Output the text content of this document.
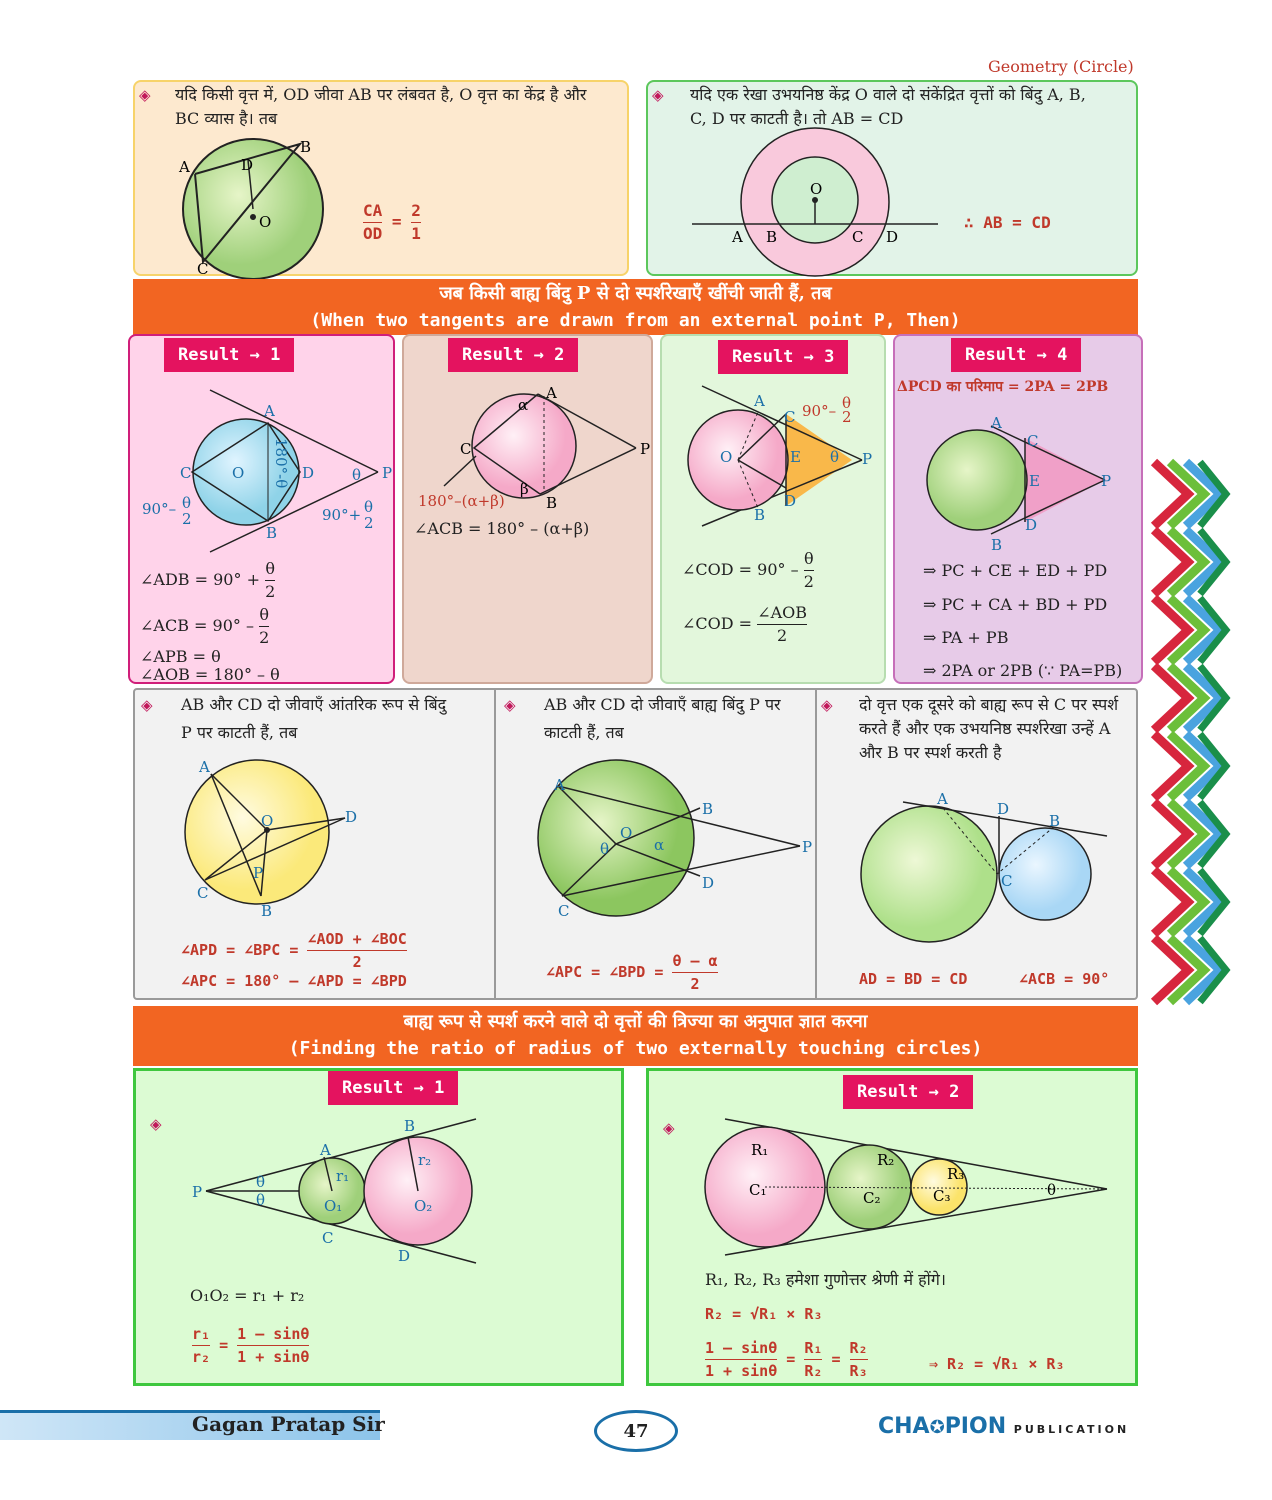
Geometry (Circle)
◈ यदि किसी वृत्त में, OD जीवा AB पर लंबवत है, O वृत्त का केंद्र है और
BC व्यास है। तब
A
B
C
D
O	$\frac{CA}{OD} = \frac{2}{1}$
◈ यदि एक रेखा उभयनिष्ठ केंद्र O वाले दो संकेंद्रित वृत्तों को बिंदु A, B,
C, D पर काटती है। तो AB = CD
O
A B	C D
∴ AB = CD
जब किसी बाह्य बिंदु P से दो स्पर्शरेखाएँ खींची जाती हैं, तब
(When two tangents are drawn from an external point P, Then)
Result → 1
A
B
C	D
O	P
θ
180°-θ
90°– θ
2	90°+ θ
2
∠ADB = $90^\circ + \frac{\theta}{2}$
∠ACB = $90^\circ - \frac{\theta}{2}$
∠APB = θ
∠AOB = 180° – θ
Result → 2
A
B
C	P
α
β
180°–(α+β)
∠ACB = 180° – (α+β)
Result → 3
A
B
C
D
E
O	P
θ
90°– θ
2
∠COD = $90^\circ - \frac{\theta}{2}$
∠COD = $\frac{\text{∠AOB}}{2}$
Result → 4
ΔPCD का परिमाप = 2PA = 2PB
A
B
C
D
E	P
⇒ PC + CE + ED + PD
⇒ PC + CA + BD + PD
⇒ PA + PB
⇒ 2PA or 2PB (∵ PA=PB)
◈ AB और CD दो जीवाएँ आंतरिक रूप से बिंदु
P पर काटती हैं, तब
A
B
C
D
O
P
∠APD = ∠BPC = $\frac{\text{∠AOD + ∠BOC}}{2}$
∠APC = 180° – ∠APD = ∠BPD
◈ AB और CD दो जीवाएँ बाह्य बिंदु P पर
काटती हैं, तब
A
B
C
D
O
P
θ	α
∠APC = ∠BPD = $\frac{\theta - \alpha}{2}$
◈ दो वृत्त एक दूसरे को बाह्य रूप से C पर स्पर्श
करते हैं और एक उभयनिष्ठ स्पर्शरेखा उन्हें A
और B पर स्पर्श करती है
A
D
B
C
AD = BD = CD	∠ACB = 90°
बाह्य रूप से स्पर्श करने वाले दो वृत्तों की त्रिज्या का अनुपात ज्ञात करना
(Finding the ratio of radius of two externally touching circles)
Result → 1
◈
P
A
B
C
D
O₁	O₂
r₁
r₂
θ
θ
O₁O₂ = r₁ + r₂
$\frac{\text{r₁}}{\text{r₂}} = \frac{1 - \sin\theta}{1 + \sin\theta}$
Result → 2
◈
R₁
R₂
R₃
C₁	C₂	C₃	θ
R₁, R₂, R₃ हमेशा गुणोत्तर श्रेणी में होंगे।
R₂ = √R₁ × R₃
$\frac{1 - \sin\theta}{1 + \sin\theta} = \frac{\text{R₁}}{\text{R₂}} = \frac{\text{R₂}}{\text{R₃}}$	⇒ R₂ = √R₁ × R₃
Gagan Pratap Sir	47	CHA✪PION PUBLICATION
